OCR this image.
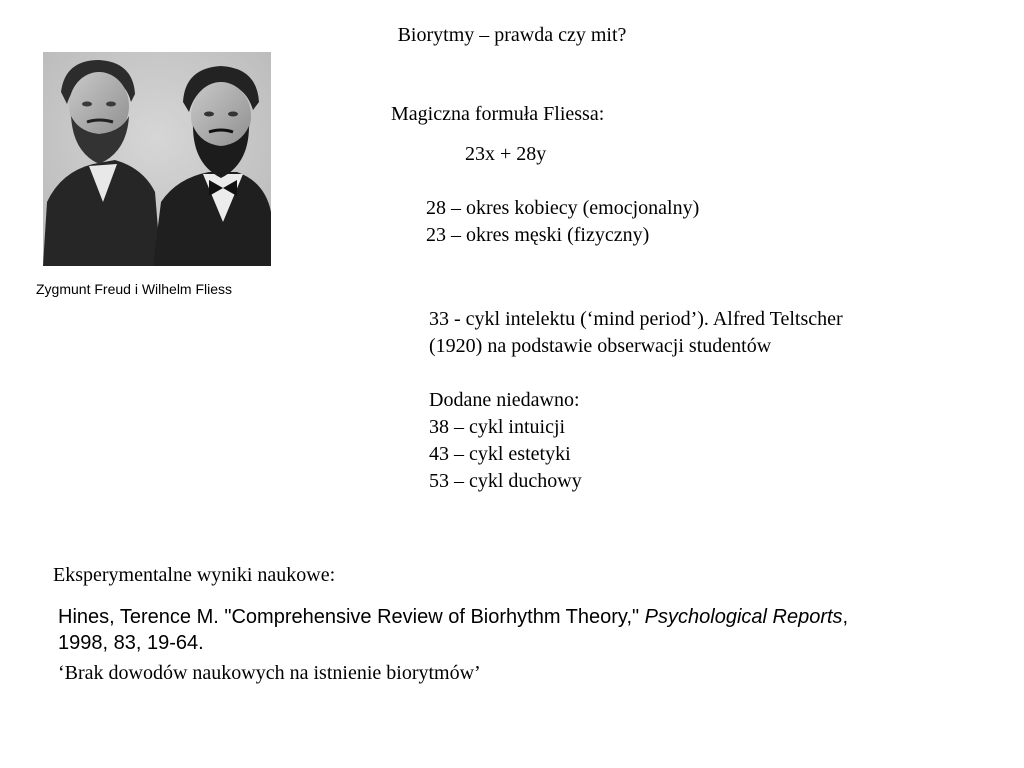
Biorytmy – prawda czy mit?
Zygmunt Freud i Wilhelm Fliess
Magiczna formuła Fliessa:
23x + 28y
28 – okres kobiecy (emocjonalny)
23 – okres męski (fizyczny)
33 - cykl intelektu (‘mind period’). Alfred Teltscher
(1920) na podstawie obserwacji studentów
Dodane niedawno:
38 – cykl intuicji
43 – cykl estetyki
53 – cykl duchowy
Eksperymentalne wyniki naukowe:
Hines, Terence M. "Comprehensive Review of Biorhythm Theory," Psychological Reports,
1998, 83, 19-64.
‘Brak dowodów naukowych na istnienie biorytmów’
